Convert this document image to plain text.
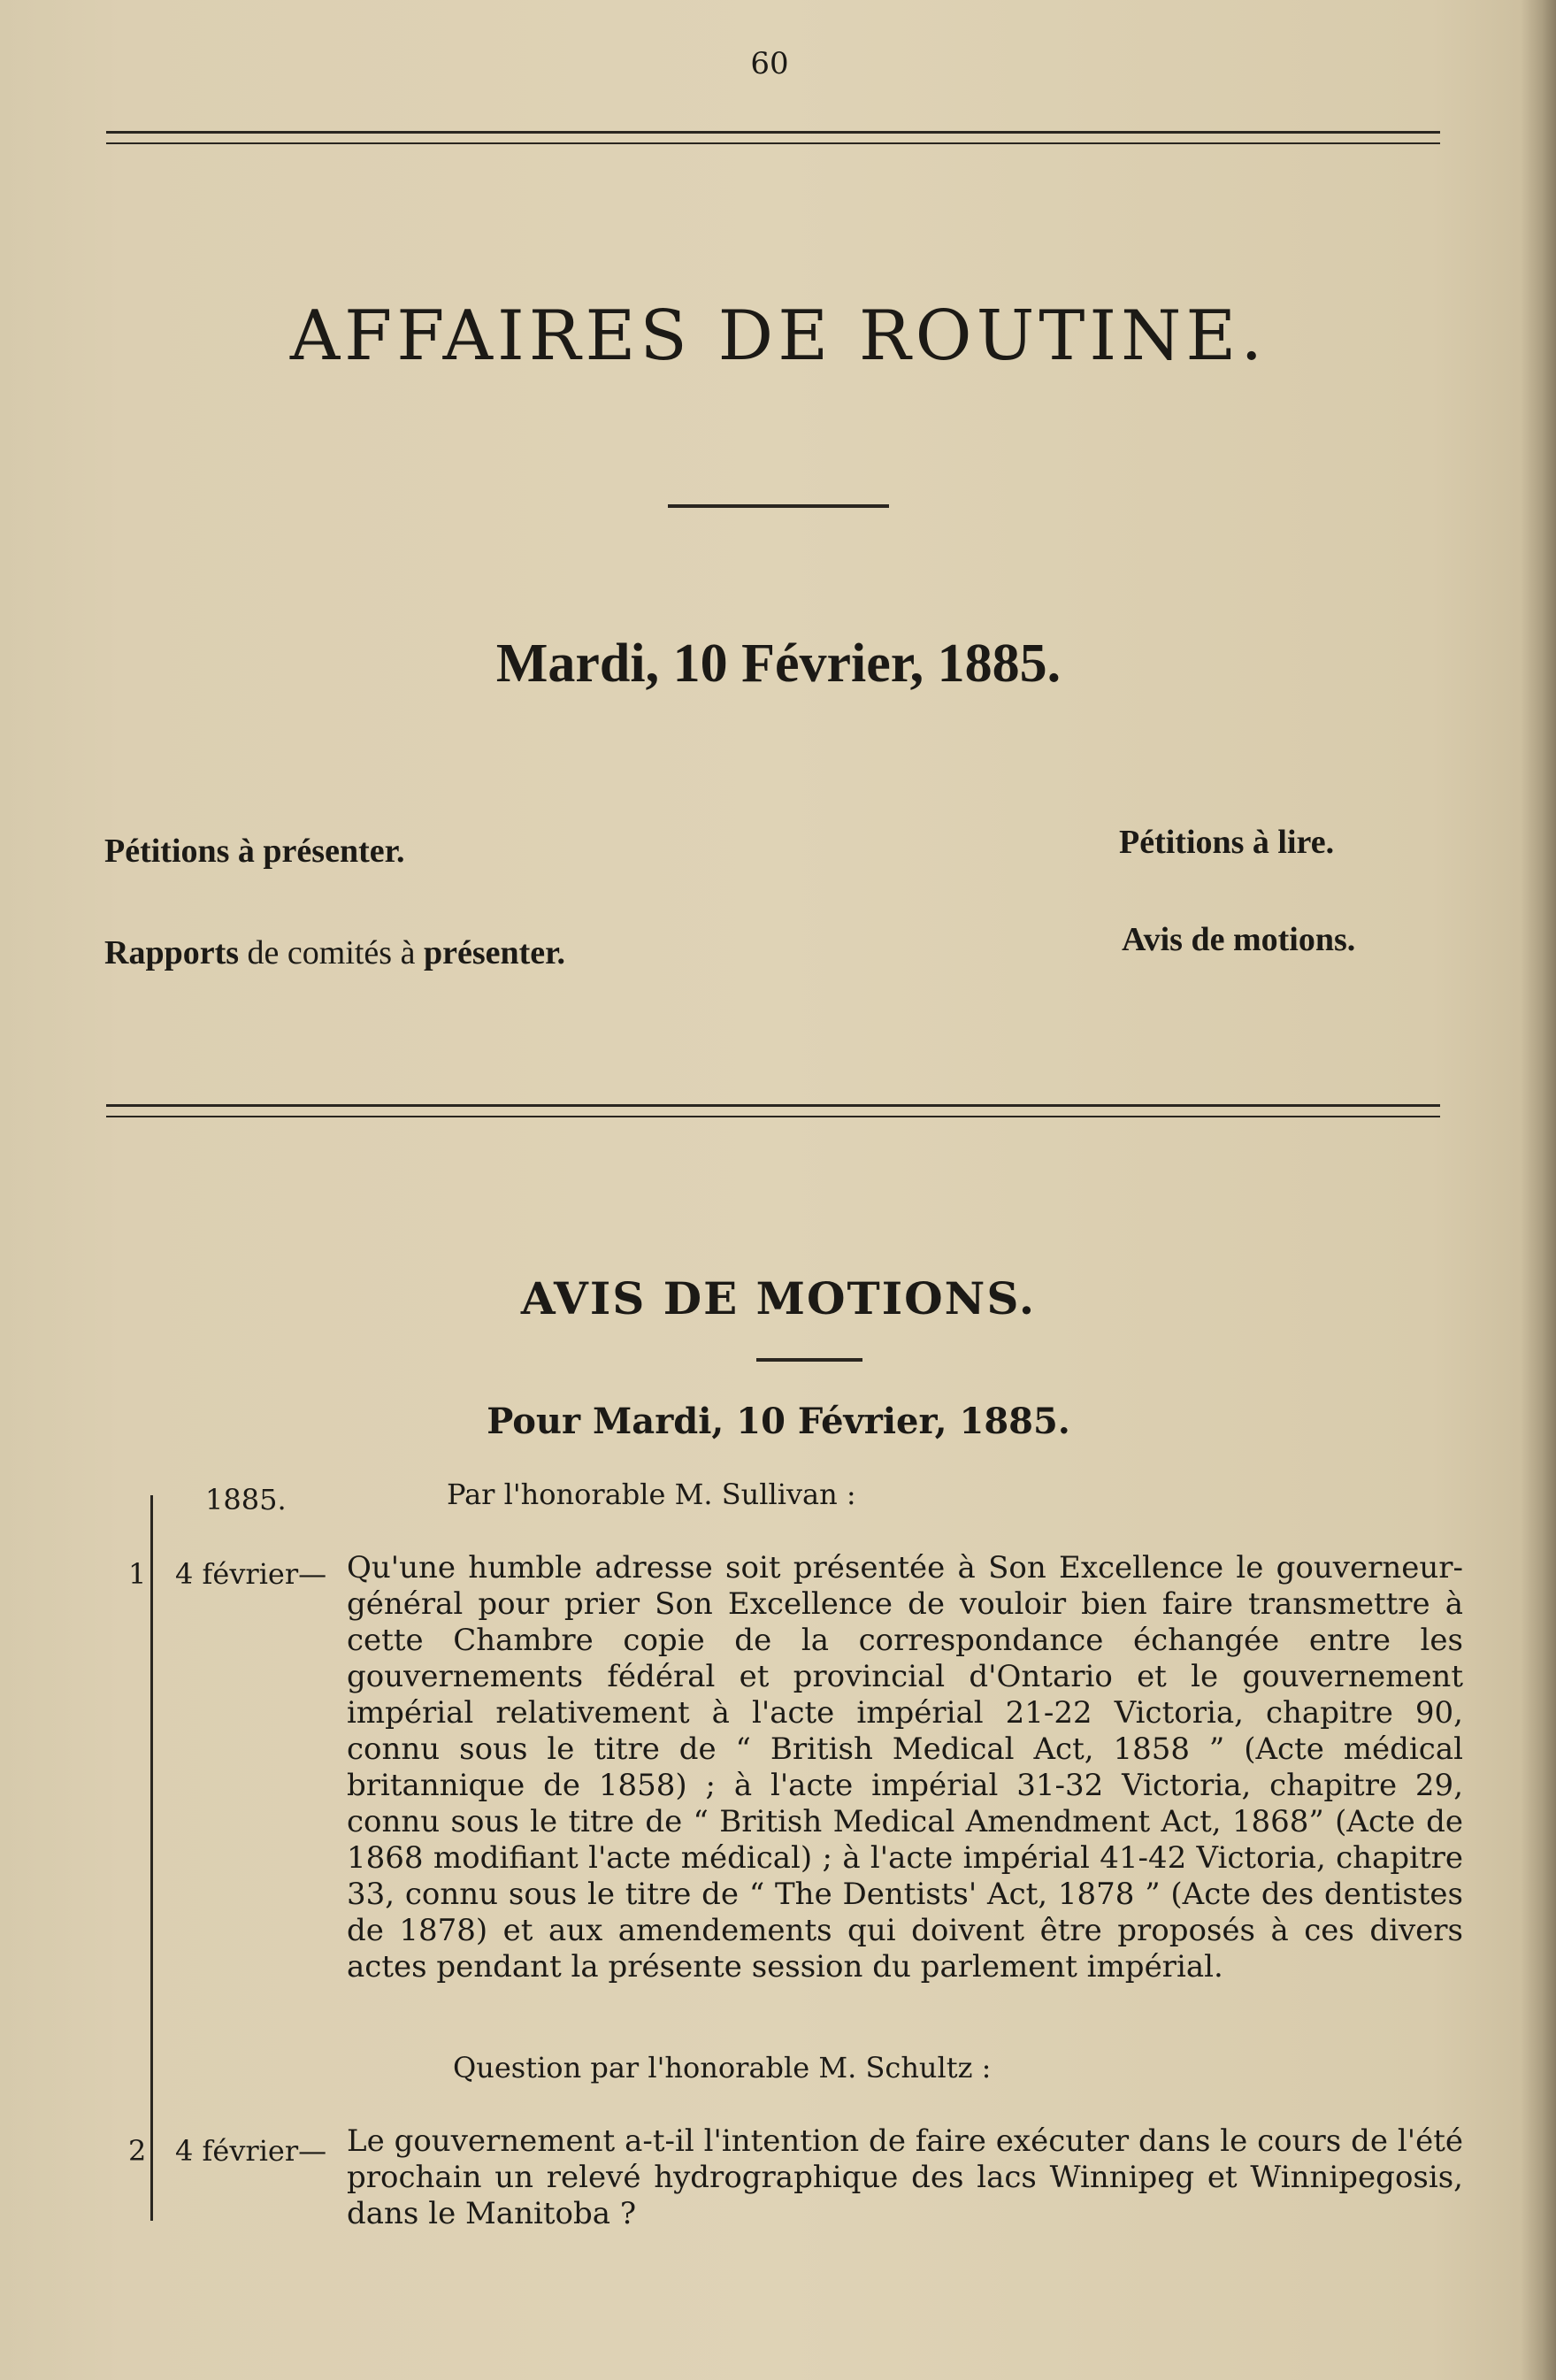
60
AFFAIRES DE ROUTINE.
Mardi, 10 Février, 1885.
Pétitions à présenter.
Rapports de comités à présenter.
Pétitions à lire.
Avis de motions.
AVIS DE MOTIONS.
Pour Mardi, 10 Février, 1885.
1885.	Par l'honorable M. Sullivan :
1 4 février— Qu'une humble adresse soit présentée à Son Excellence le gouverneur-général pour prier Son Excellence de vouloir bien faire transmettre à cette Chambre copie de la correspondance échangée entre les gouvernements fédéral et provincial d'Ontario et le gouvernement impérial relativement à l'acte impérial 21-22 Victoria, chapitre 90, connu sous le titre de “ British Medical Act, 1858 ” (Acte médical britannique de 1858) ; à l'acte impérial 31-32 Victoria, chapitre 29, connu sous le titre de “ British Medical Amendment Act, 1868” (Acte de 1868 modifiant l'acte médical) ; à l'acte impérial 41-42 Victoria, chapitre 33, connu sous le titre de “ The Dentists' Act, 1878 ” (Acte des dentistes de 1878) et aux amendements qui doivent être proposés à ces divers actes pendant la présente session du parlement impérial.
Question par l'honorable M. Schultz :
2 4 février— Le gouvernement a-t-il l'intention de faire exécuter dans le cours de l'été prochain un relevé hydrographique des lacs Winnipeg et Winnipegosis, dans le Manitoba ?
